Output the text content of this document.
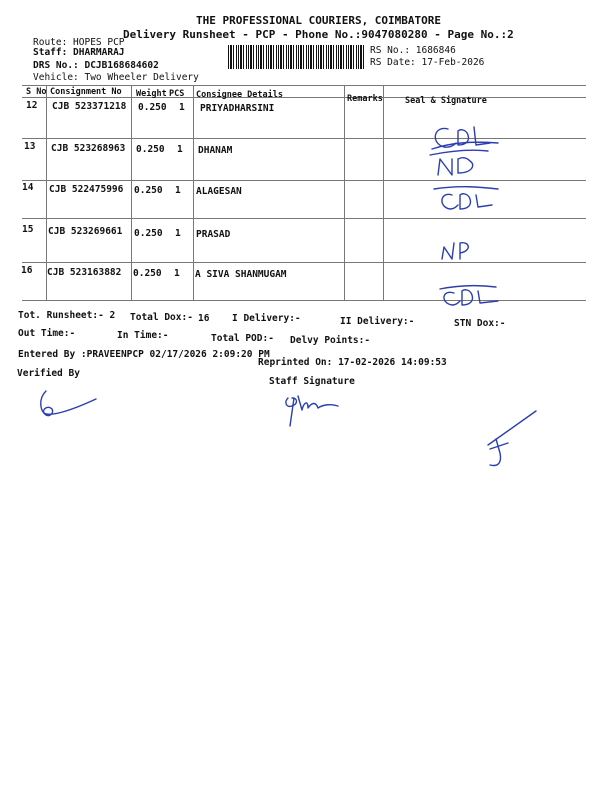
THE PROFESSIONAL COURIERS, COIMBATORE
Delivery Runsheet - PCP - Phone No.:9047080280 - Page No.:2
Route: HOPES PCP
Staff: DHARMARAJ
DRS No.: DCJB168684602
Vehicle: Two Wheeler Delivery
RS No.: 1686846
RS Date: 17-Feb-2026
S No Consignment No Weight PCS Consignee Details	Remarks	Seal & Signature
12 CJB 523371218 0.250 1 PRIYADHARSINI
13 CJB 523268963 0.250 1 DHANAM
14 CJB 522475996 0.250 1 ALAGESAN
15 CJB 523269661 0.250 1 PRASAD
16 CJB 523163882 0.250 1 A SIVA SHANMUGAM
Tot. Runsheet:- 2 Total Dox:- 16 I Delivery:-	II Delivery:-	STN Dox:-
Out Time:-	In Time:-	Total POD:- Delvy Points:-
Entered By :PRAVEENPCP 02/17/2026 2:09:20 PM
Reprinted On: 17-02-2026 14:09:53
Verified By
Staff Signature
